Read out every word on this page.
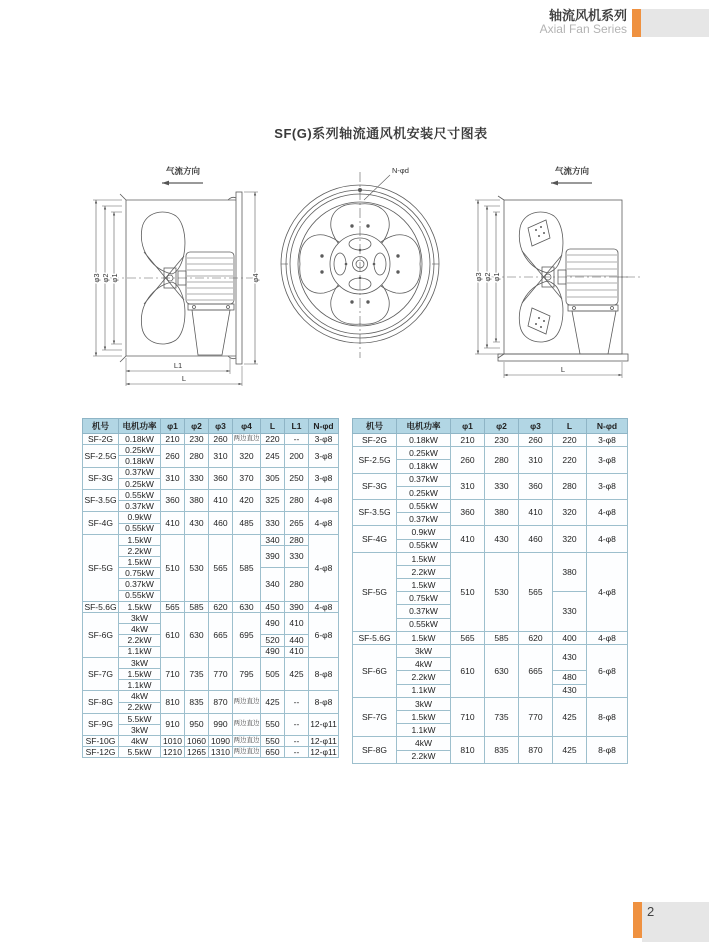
轴流风机系列
Axial Fan Series
SF(G)系列轴流通风机安装尺寸图表
气流方向
φ3 φ2 φ1	φ4
L1
L
N-φd	气流方向
φ3 φ2 φ1
L
机号	电机功率	φ1	φ2	φ3	φ4	L	L1	N-φd
SF-2G	0.18kW	210	230	260	两边直边	220	--	3-φ8
SF-2.5G	0.25kW	260	280	310	320	245	200	3-φ8
	0.18kW							
SF-3G	0.37kW	310	330	360	370	305	250	3-φ8
	0.25kW							
SF-3.5G	0.55kW	360	380	410	420	325	280	4-φ8
	0.37kW							
SF-4G	0.9kW	410	430	460	485	330	265	4-φ8
	0.55kW							
SF-5G	1.5kW	510	530	565	585	340	280	4-φ8
	2.2kW					390	330	
	1.5kW							
	0.75kW					340	280	
	0.37kW							
	0.55kW							
SF-5.6G	1.5kW	565	585	620	630	450	390	4-φ8
SF-6G	3kW	610	630	665	695	490	410	6-φ8
	4kW							
	2.2kW					520	440	
	1.1kW					490	410	
SF-7G	3kW	710	735	770	795	505	425	8-φ8
	1.5kW							
	1.1kW							
SF-8G	4kW	810	835	870	两边直边	425	--	8-φ8
	2.2kW							
SF-9G	5.5kW	910	950	990	两边直边	550	--	12-φ11
	3kW							
SF-10G	4kW	1010	1060	1090	两边直边	550	--	12-φ11
SF-12G	5.5kW	1210	1265	1310	两边直边	650	--	12-φ11
机号	电机功率	φ1	φ2	φ3	L	N-φd
SF-2G	0.18kW	210	230	260	220	3-φ8
SF-2.5G	0.25kW	260	280	310	220	3-φ8
	0.18kW					
SF-3G	0.37kW	310	330	360	280	3-φ8
	0.25kW					
SF-3.5G	0.55kW	360	380	410	320	4-φ8
	0.37kW					
SF-4G	0.9kW	410	430	460	320	4-φ8
	0.55kW					
SF-5G	1.5kW	510	530	565	380	4-φ8
	2.2kW					
	1.5kW					
	0.75kW				330	
	0.37kW					
	0.55kW					
SF-5.6G	1.5kW	565	585	620	400	4-φ8
SF-6G	3kW	610	630	665	430	6-φ8
	4kW					
	2.2kW				480	
	1.1kW				430	
SF-7G	3kW	710	735	770	425	8-φ8
	1.5kW					
	1.1kW					
SF-8G	4kW	810	835	870	425	8-φ8
	2.2kW					
2
